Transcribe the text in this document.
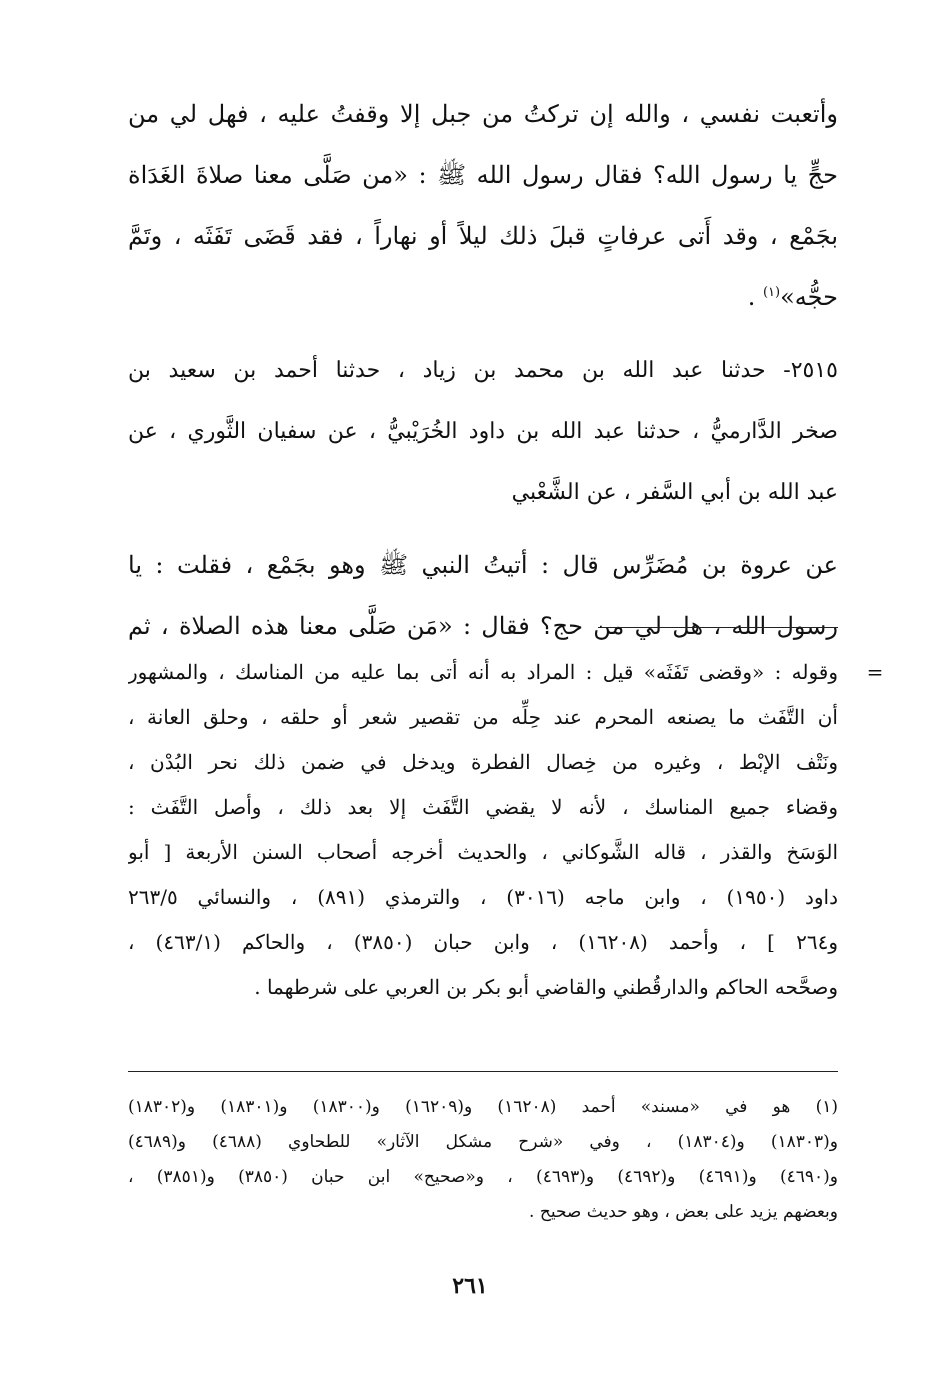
وأتعبت نفسي ، والله إن تركتُ من جبل إلا وقفتُ عليه ، فهل لي من
حجٍّ يا رسول الله؟ فقال رسول الله ﷺ : «من صَلَّى معنا صلاةَ الغَدَاة
بجَمْع ، وقد أَتى عرفاتٍ قبلَ ذلك ليلاً أو نهاراً ، فقد قَضَى تَفَثَه ، وتَمَّ
حجُّه»$^{(١)}$ .
٢٥١٥- حدثنا عبد الله بن محمد بن زياد ، حدثنا أحمد بن سعيد بن
صخر الدَّارميُّ ، حدثنا عبد الله بن داود الخُرَيْبيُّ ، عن سفيان الثَّوري ، عن
عبد الله بن أبي السَّفر ، عن الشَّعْبي
عن عروة بن مُضَرِّس قال : أتيتُ النبي ﷺ وهو بجَمْع ، فقلت : يا
رسول الله ، هل لي من حج؟ فقال : «مَن صَلَّى معنا هذه الصلاة ، ثم
=
وقوله : «وقضى تَفَثَه» قيل : المراد به أنه أتى بما عليه من المناسك ، والمشهور
أن التَّفَث ما يصنعه المحرم عند حِلِّه من تقصير شعر أو حلقه ، وحلق العانة ،
ونَتْف الإبْط ، وغيره من خِصال الفطرة ويدخل في ضمن ذلك نحر البُدْن ،
وقضاء جميع المناسك ، لأنه لا يقضي التَّفَث إلا بعد ذلك ، وأصل التَّفَث :
الوَسَخ والقذر ، قاله الشَّوكاني ، والحديث أخرجه أصحاب السنن الأربعة [ أبو
داود (١٩٥٠) ، وابن ماجه (٣٠١٦) ، والترمذي (٨٩١) ، والنسائي ٢٦٣/٥
و٢٦٤ ] ، وأحمد (١٦٢٠٨) ، وابن حبان (٣٨٥٠) ، والحاكم (٤٦٣/١) ،
وصحَّحه الحاكم والدارقُطني والقاضي أبو بكر بن العربي على شرطهما .
(١) هو في «مسند» أحمد (١٦٢٠٨) و(١٦٢٠٩) و(١٨٣٠٠) و(١٨٣٠١) و(١٨٣٠٢)
و(١٨٣٠٣) و(١٨٣٠٤) ، وفي «شرح مشكل الآثار» للطحاوي (٤٦٨٨) و(٤٦٨٩)
و(٤٦٩٠) و(٤٦٩١) و(٤٦٩٢) و(٤٦٩٣) ، و«صحيح» ابن حبان (٣٨٥٠) و(٣٨٥١) ،
وبعضهم يزيد على بعض ، وهو حديث صحيح .
٢٦١
